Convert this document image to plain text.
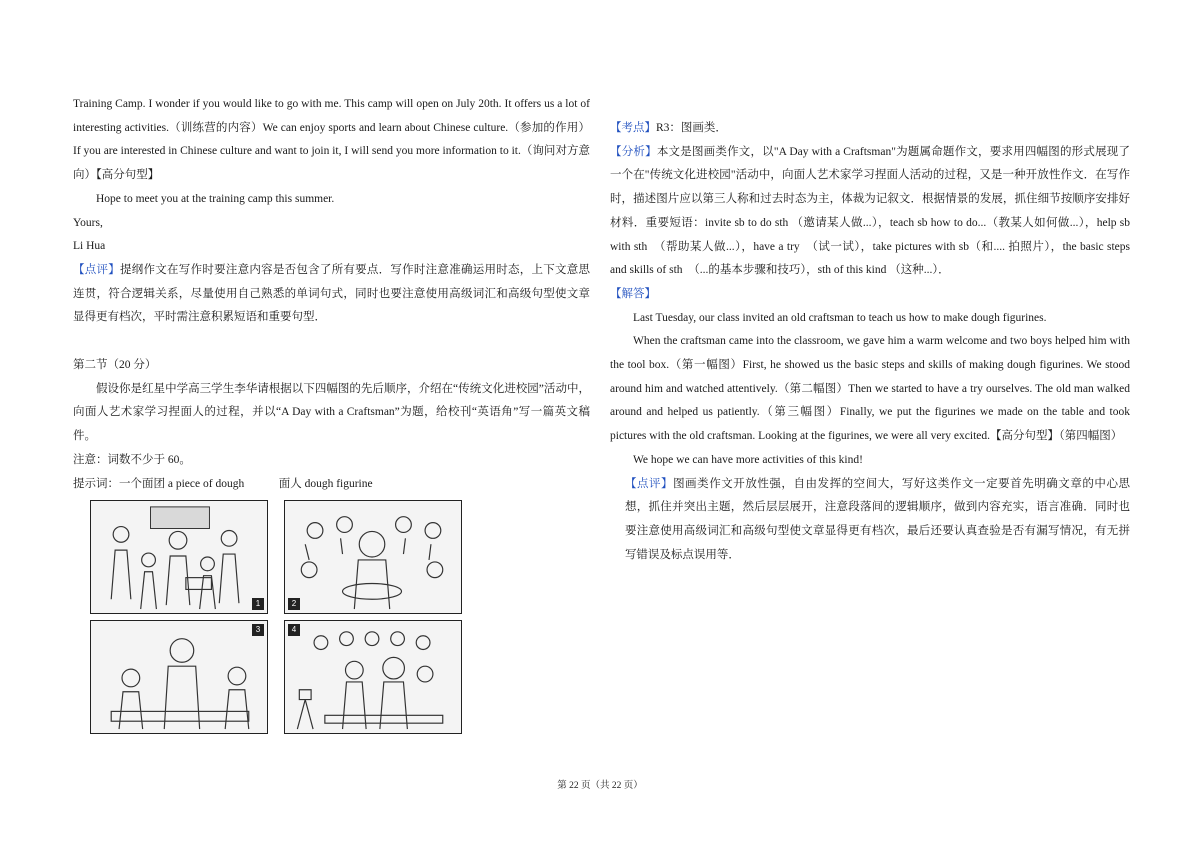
Training Camp. I wonder if you would like to go with me. This camp will open on July 20th. It offers us a lot of interesting activities.（训练营的内容）We can enjoy sports and learn about Chinese culture.（参加的作用）If you are interested in Chinese culture and want to join it, I will send you more information to it.（询问对方意向）【高分句型】

Hope to meet you at the training camp this summer.

Yours,

Li Hua

【点评】提纲作文在写作时要注意内容是否包含了所有要点．写作时注意准确运用时态，上下文意思连贯，符合逻辑关系，尽量使用自己熟悉的单词句式，同时也要注意使用高级词汇和高级句型使文章显得更有档次，平时需注意积累短语和重要句型．

第二节（20 分）

假设你是红星中学高三学生李华请根据以下四幅图的先后顺序，介绍在“传统文化进校园”活动中，向面人艺术家学习捏面人的过程，并以“A Day with a Craftsman”为题，给校刊“英语角”写一篇英文稿件。

注意：词数不少于 60。

提示词：一个面团 a piece of dough　　　面人 dough figurine

1	2
3	4

【考点】R3：图画类．

【分析】本文是图画类作文，以"A Day with a Craftsman"为题属命题作文，要求用四幅图的形式展现了一个在"传统文化进校园"活动中，向面人艺术家学习捏面人活动的过程，又是一种开放性作文．在写作时，描述图片应以第三人称和过去时态为主，体裁为记叙文．根据情景的发展，抓住细节按顺序安排好材料．重要短语：invite sb to do sth （邀请某人做...），teach sb how to do...（教某人如何做...），help sb with sth　（帮助某人做...），have a try　（试一试），take pictures with sb（和.... 拍照片），the basic steps and skills of sth　（...的基本步骤和技巧），sth of this kind （这种...）．

【解答】

Last Tuesday, our class invited an old craftsman to teach us how to make dough figurines.

When the craftsman came into the classroom, we gave him a warm welcome and two boys helped him with the tool box.（第一幅图）First, he showed us the basic steps and skills of making dough figurines. We stood around him and watched attentively.（第二幅图）Then we started to have a try ourselves. The old man walked around and helped us patiently.（第三幅图）Finally, we put the figurines we made on the table and took pictures with the old craftsman. Looking at the figurines, we were all very excited.【高分句型】（第四幅图）

We hope we can have more activities of this kind!

【点评】图画类作文开放性强，自由发挥的空间大，写好这类作文一定要首先明确文章的中心思想，抓住并突出主题，然后层层展开，注意段落间的逻辑顺序，做到内容充实，语言准确．同时也要注意使用高级词汇和高级句型使文章显得更有档次，最后还要认真查验是否有漏写情况，有无拼写错误及标点误用等．

第 22 页（共 22 页）
